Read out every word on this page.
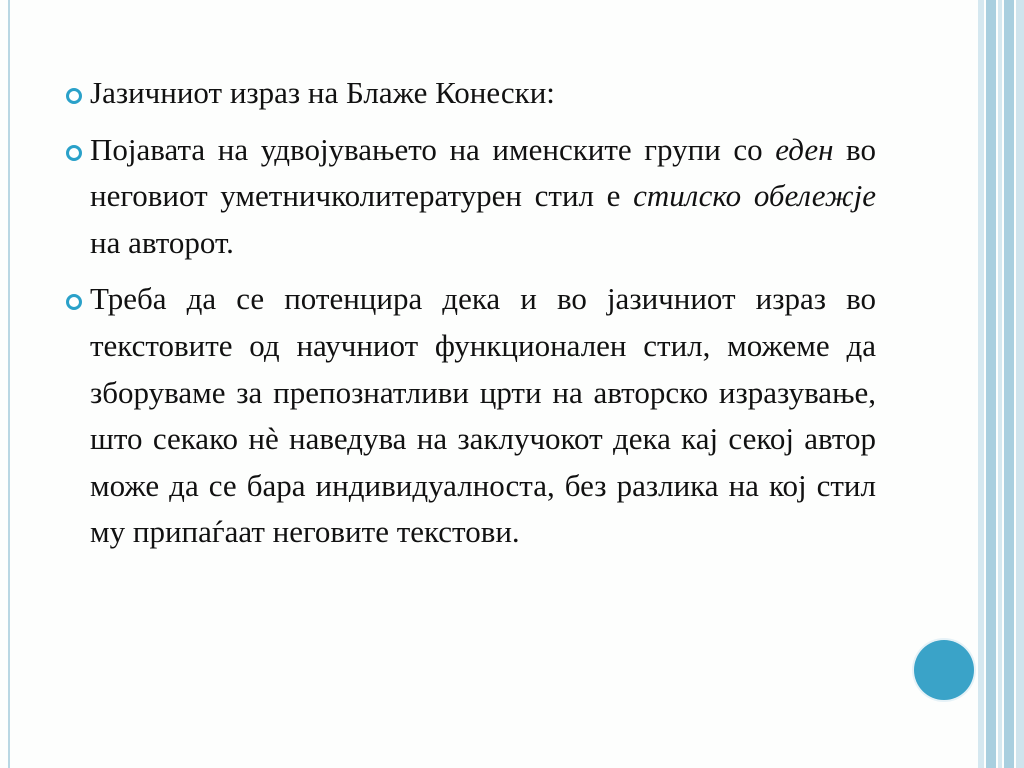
Јазичниот израз на Блаже Конески:
Појавата на удвојувањето на именските групи со еден во неговиот уметничколитературен стил е стилско обележје на авторот.
Треба да се потенцира дека и во јазичниот израз во текстовите од научниот функционален стил, можеме да зборуваме за препознатливи црти на авторско изразување, што секако нѐ наведува на заклучокот дека кај секој автор може да се бара индивидуалноста, без разлика на кој стил му припаѓаат неговите текстови.
